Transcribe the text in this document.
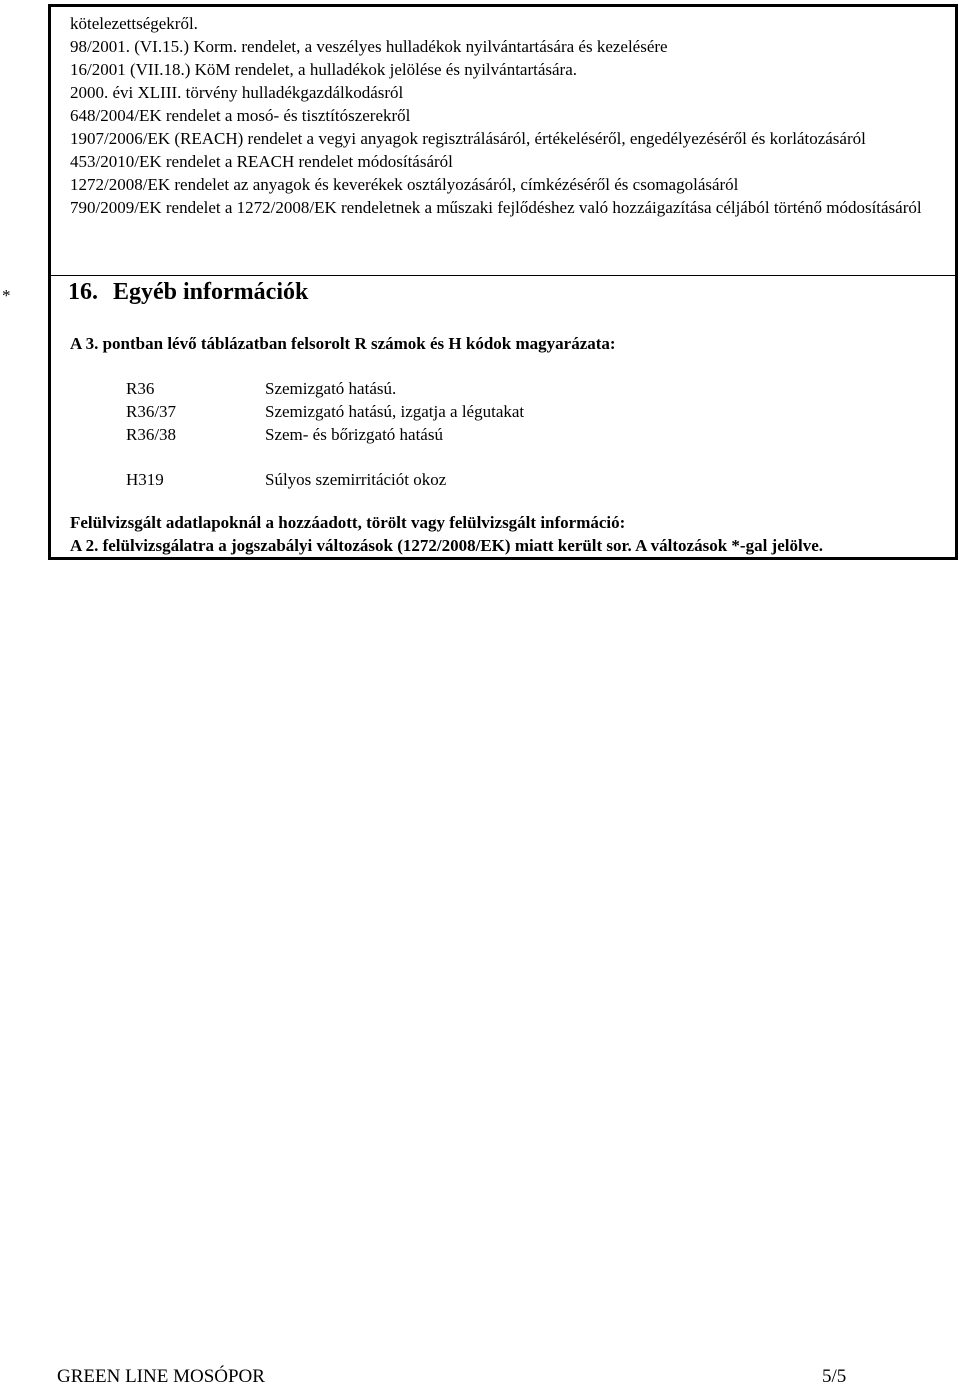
kötelezettségekről.
98/2001. (VI.15.) Korm. rendelet, a veszélyes hulladékok nyilvántartására és kezelésére
16/2001 (VII.18.) KöM rendelet, a hulladékok jelölése és nyilvántartására.
2000. évi XLIII. törvény hulladékgazdálkodásról
648/2004/EK rendelet a mosó- és tisztítószerekről
1907/2006/EK (REACH) rendelet a vegyi anyagok regisztrálásáról, értékeléséről, engedélyezéséről és korlátozásáról
453/2010/EK rendelet a REACH rendelet módosításáról
1272/2008/EK rendelet az anyagok és keverékek osztályozásáról, címkézéséről és csomagolásáról
790/2009/EK rendelet a 1272/2008/EK rendeletnek a műszaki fejlődéshez való hozzáigazítása céljából történő módosításáról
* 16. Egyéb információk
A 3. pontban lévő táblázatban felsorolt R számok és H kódok magyarázata:
R36	Szemizgató hatású.
R36/37	Szemizgató hatású, izgatja a légutakat
R36/38	Szem- és bőrizgató hatású
H319	Súlyos szemirritációt okoz
Felülvizsgált adatlapoknál a hozzáadott, törölt vagy felülvizsgált információ:
A 2. felülvizsgálatra a jogszabályi változások (1272/2008/EK) miatt került sor. A változások *-gal jelölve.
GREEN LINE MOSÓPOR	5/5
